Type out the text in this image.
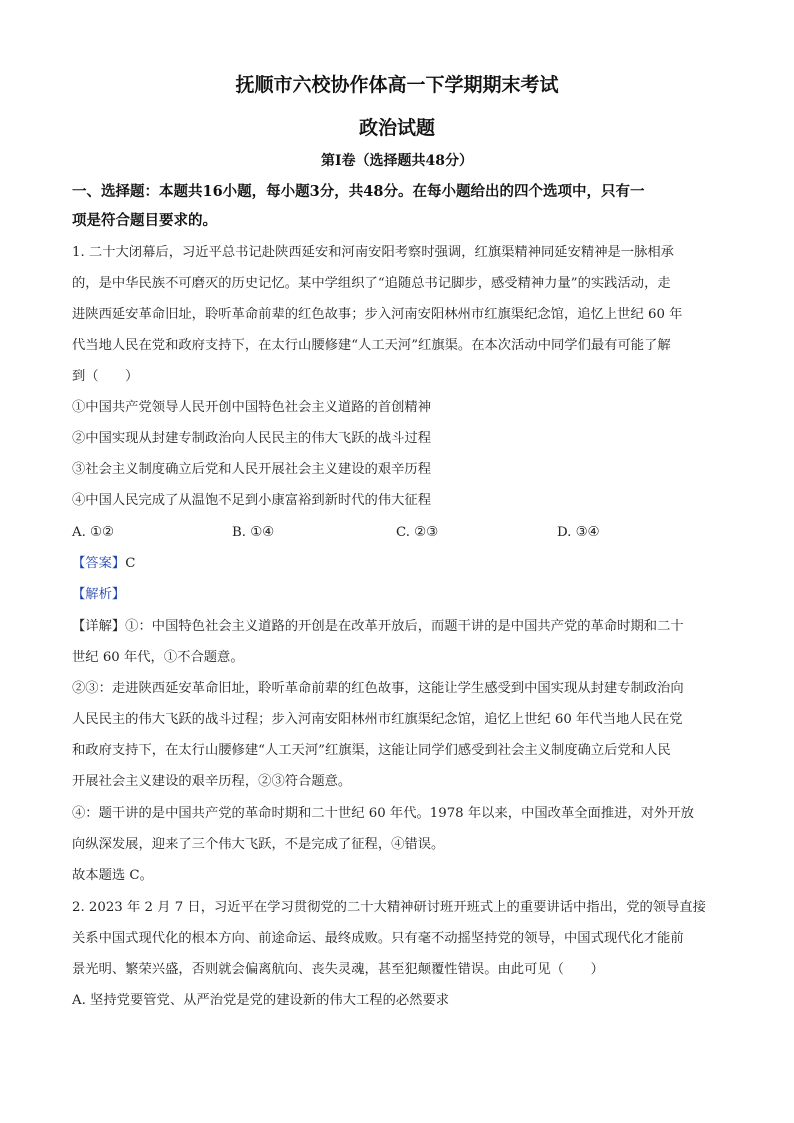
抚顺市六校协作体高一下学期期末考试
政治试题
第Ⅰ卷（选择题共48分）
一、选择题：本题共16小题，每小题3分，共48分。在每小题给出的四个选项中，只有一
项是符合题目要求的。
1. 二十大闭幕后，习近平总书记赴陕西延安和河南安阳考察时强调，红旗渠精神同延安精神是一脉相承
的，是中华民族不可磨灭的历史记忆。某中学组织了“追随总书记脚步，感受精神力量”的实践活动，走
进陕西延安革命旧址，聆听革命前辈的红色故事；步入河南安阳林州市红旗渠纪念馆，追忆上世纪 60 年
代当地人民在党和政府支持下，在太行山腰修建“人工天河”红旗渠。在本次活动中同学们最有可能了解
到（　　）
①中国共产党领导人民开创中国特色社会主义道路的首创精神
②中国实现从封建专制政治向人民民主的伟大飞跃的战斗过程
③社会主义制度确立后党和人民开展社会主义建设的艰辛历程
④中国人民完成了从温饱不足到小康富裕到新时代的伟大征程
A. ①②	B. ①④	C. ②③	D. ③④
【答案】C
【解析】
【详解】①：中国特色社会主义道路的开创是在改革开放后，而题干讲的是中国共产党的革命时期和二十
世纪 60 年代，①不合题意。
②③：走进陕西延安革命旧址，聆听革命前辈的红色故事，这能让学生感受到中国实现从封建专制政治向
人民民主的伟大飞跃的战斗过程；步入河南安阳林州市红旗渠纪念馆，追忆上世纪 60 年代当地人民在党
和政府支持下，在太行山腰修建“人工天河”红旗渠，这能让同学们感受到社会主义制度确立后党和人民
开展社会主义建设的艰辛历程，②③符合题意。
④：题干讲的是中国共产党的革命时期和二十世纪 60 年代。1978 年以来，中国改革全面推进，对外开放
向纵深发展，迎来了三个伟大飞跃，不是完成了征程，④错误。
故本题选 C。
2. 2023 年 2 月 7 日，习近平在学习贯彻党的二十大精神研讨班开班式上的重要讲话中指出，党的领导直接
关系中国式现代化的根本方向、前途命运、最终成败。只有毫不动摇坚持党的领导，中国式现代化才能前
景光明、繁荣兴盛，否则就会偏离航向、丧失灵魂，甚至犯颠覆性错误。由此可见（　　）
A. 坚持党要管党、从严治党是党的建设新的伟大工程的必然要求
